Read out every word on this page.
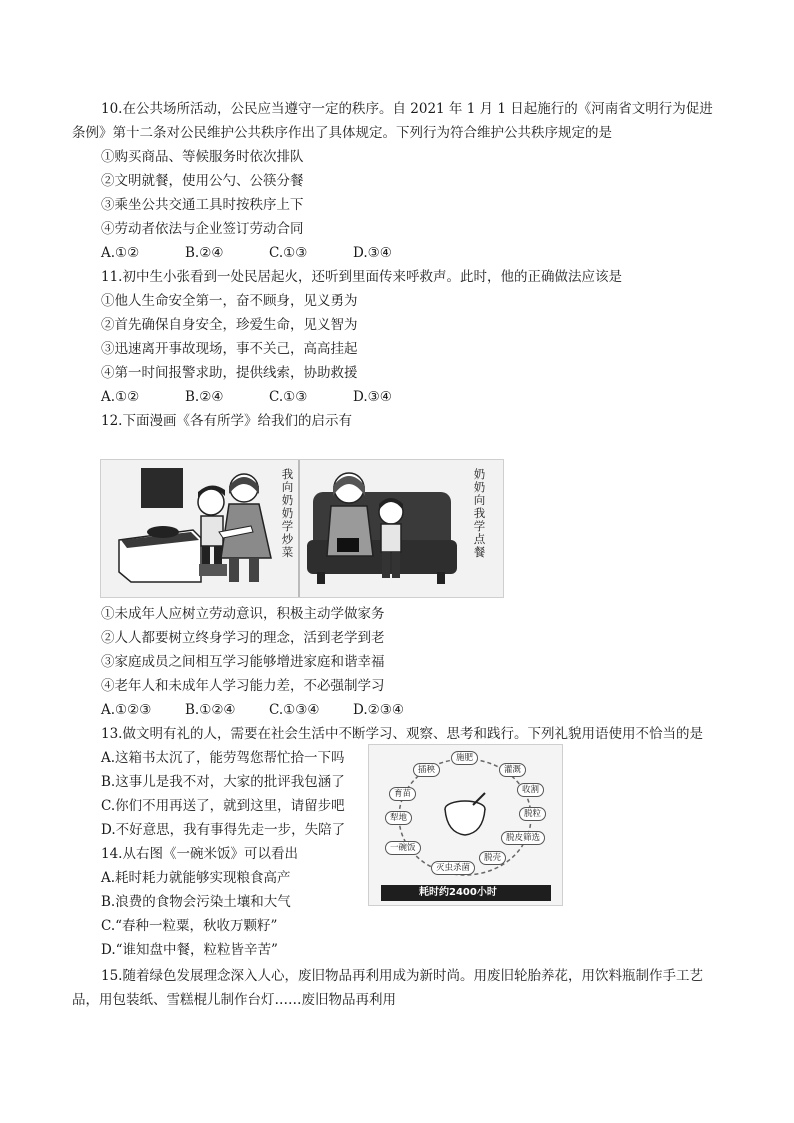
10.在公共场所活动，公民应当遵守一定的秩序。自 2021 年 1 月 1 日起施行的《河南省文明行为促进
条例》第十二条对公民维护公共秩序作出了具体规定。下列行为符合维护公共秩序规定的是
①购买商品、等候服务时依次排队
②文明就餐，使用公勺、公筷分餐
③乘坐公共交通工具时按秩序上下
④劳动者依法与企业签订劳动合同
A.①②	B.②④	C.①③	D.③④
11.初中生小张看到一处民居起火，还听到里面传来呼救声。此时，他的正确做法应该是
①他人生命安全第一，奋不顾身，见义勇为
②首先确保自身安全，珍爱生命，见义智为
③迅速离开事故现场，事不关己，高高挂起
④第一时间报警求助，提供线索，协助救援
A.①②	B.②④	C.①③	D.③④
12.下面漫画《各有所学》给我们的启示有
我向奶奶学炒菜
奶奶向我学点餐
①未成年人应树立劳动意识，积极主动学做家务
②人人都要树立终身学习的理念，活到老学到老
③家庭成员之间相互学习能够增进家庭和谐幸福
④老年人和未成年人学习能力差，不必强制学习
A.①②③ B.①②④ C.①③④ D.②③④
13.做文明有礼的人，需要在社会生活中不断学习、观察、思考和践行。下列礼貌用语使用不恰当的是
A.这箱书太沉了，能劳驾您帮忙拾一下吗
B.这事儿是我不对，大家的批评我包涵了
C.你们不用再送了，就到这里，请留步吧
D.不好意思，我有事得先走一步，失陪了
14.从右图《一碗米饭》可以看出
A.耗时耗力就能够实现粮食高产
B.浪费的食物会污染土壤和大气
C.“春种一粒粟，秋收万颗籽”
D.“谁知盘中餐，粒粒皆辛苦”
施肥
灌溉
收割
脱粒
脱皮筛选
脱壳
灭虫杀菌
一碗饭
犁地
育苗
插秧
耗时约2400小时
15.随着绿色发展理念深入人心，废旧物品再利用成为新时尚。用废旧轮胎养花，用饮料瓶制作手工艺
品，用包装纸、雪糕棍儿制作台灯……废旧物品再利用
